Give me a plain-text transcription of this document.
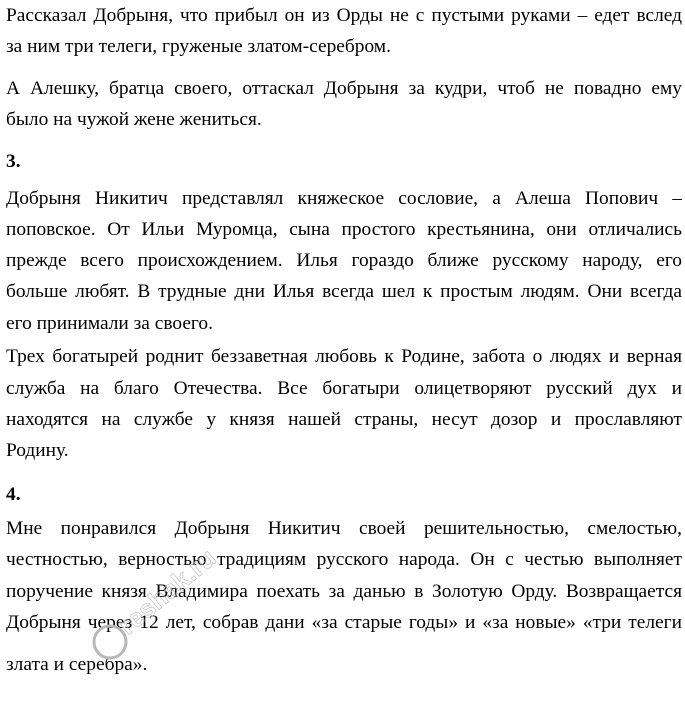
Рассказал Добрыня, что прибыл он из Орды не с пустыми руками – едет вслед
за ним три телеги, груженые златом-серебром.
А Алешку, братца своего, оттаскал Добрыня за кудри, чтоб не повадно ему
было на чужой жене жениться.
3.
Добрыня Никитич представлял княжеское сословие, а Алеша Попович –
поповское. От Ильи Муромца, сына простого крестьянина, они отличались
прежде всего происхождением. Илья гораздо ближе русскому народу, его
больше любят. В трудные дни Илья всегда шел к простым людям. Они всегда
его принимали за своего.
Трех богатырей роднит беззаветная любовь к Родине, забота о людях и верная
служба на благо Отечества. Все богатыри олицетворяют русский дух и
находятся на службе у князя нашей страны, несут дозор и прославляют
Родину.
4.
Мне понравился Добрыня Никитич своей решительностью, смелостью,
честностью, верностью традициям русского народа. Он с честью выполняет
поручение князя Владимира поехать за данью в Золотую Орду. Возвращается
Добрыня через 12 лет, собрав дани «за старые годы» и «за новые» «три телеги
злата и серебра».
reshak.ru
